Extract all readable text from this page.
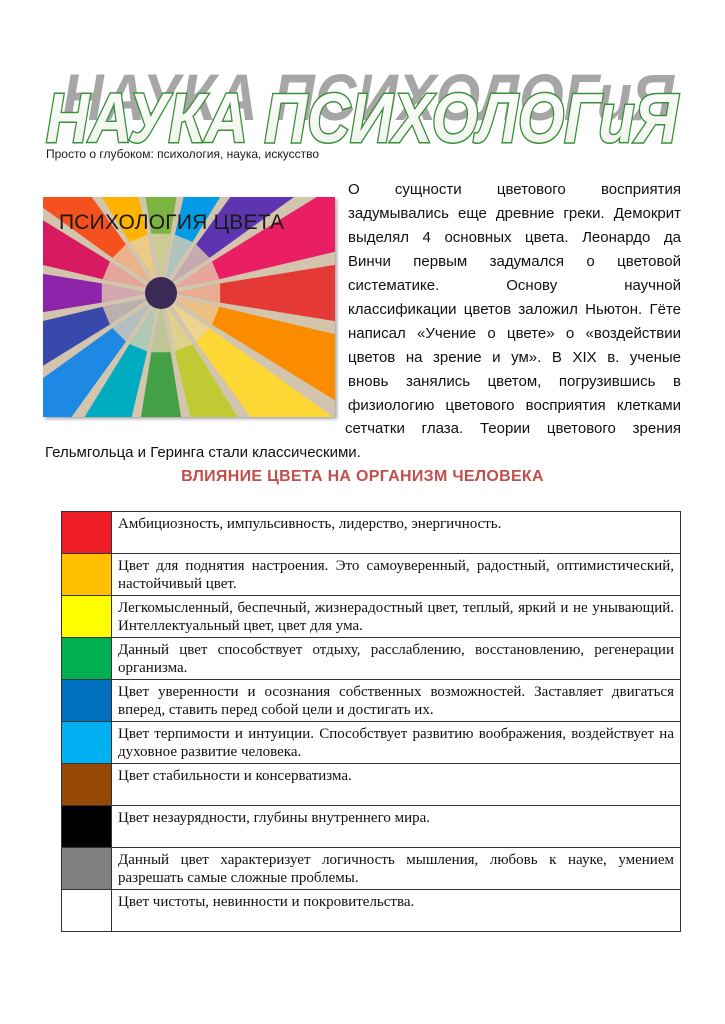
НАУКА ПСИХОЛОГиЯ
НАУКА ПСИХОЛОГиЯ
Просто о глубоком: психология, наука, искусство
ПСИХОЛОГИЯ ЦВЕТА
О сущности цветового восприятия
задумывались еще древние греки. Демокрит
выделял 4 основных цвета. Леонардо да
Винчи первым задумался о цветовой
систематике. Основу научной
классификации цветов заложил Ньютон. Гёте
написал «Учение о цвете» о «воздействии
цветов на зрение и ум». В XIX в. ученые
вновь занялись цветом, погрузившись в
физиологию цветового восприятия клетками
сетчатки глаза. Теории цветового зрения
Гельмгольца и Геринга стали классическими.
ВЛИЯНИЕ ЦВЕТА НА ОРГАНИЗМ ЧЕЛОВЕКА
	Амбициозность, импульсивность, лидерство, энергичность.
	Цвет для поднятия настроения. Это самоуверенный, радостный, оптимистический, настойчивый цвет.
	Легкомысленный, беспечный, жизнерадостный цвет, теплый, яркий и не унывающий. Интеллектуальный цвет, цвет для ума.
	Данный цвет способствует отдыху, расслаблению, восстановлению, регенерации организма.
	Цвет уверенности и осознания собственных возможностей. Заставляет двигаться вперед, ставить перед собой цели и достигать их.
	Цвет терпимости и интуиции. Способствует развитию воображения, воздействует на духовное развитие человека.
	Цвет стабильности и консерватизма.
	Цвет незаурядности, глубины внутреннего мира.
	Данный цвет характеризует логичность мышления, любовь к науке, умением разрешать самые сложные проблемы.
	Цвет чистоты, невинности и покровительства.
